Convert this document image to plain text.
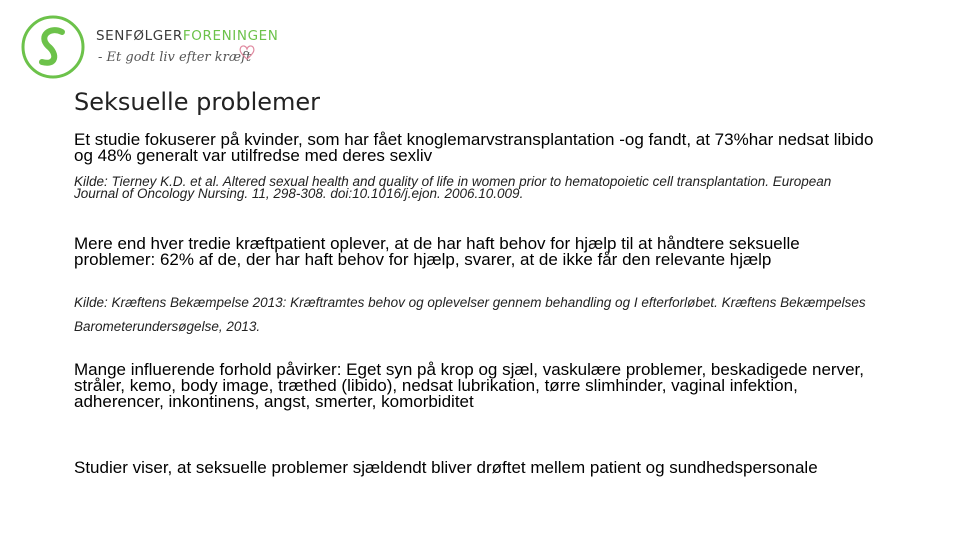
SENFØLGERFORENINGEN
- Et godt liv efter kræft
Seksuelle problemer

Et studie fokuserer på kvinder, som har fået knoglemarvstransplantation -og fandt, at 73%har nedsat libido og 48% generalt var utilfredse med deres sexliv

Kilde: Tierney K.D. et al. Altered sexual health and quality of life in women prior to hematopoietic cell transplantation. European Journal of Oncology Nursing. 11, 298-308. doi:10.1016/j.ejon. 2006.10.009.

Mere end hver tredie kræftpatient oplever, at de har haft behov for hjælp til at håndtere seksuelle problemer: 62% af de, der har haft behov for hjælp, svarer, at de ikke får den relevante hjælp

Kilde: Kræftens Bekæmpelse 2013: Kræftramtes behov og oplevelser gennem behandling og I efterforløbet. Kræftens Bekæmpelses Barometerundersøgelse, 2013.

Mange influerende forhold påvirker: Eget syn på krop og sjæl, vaskulære problemer, beskadigede nerver, stråler, kemo, body image, træthed (libido), nedsat lubrikation, tørre slimhinder, vaginal infektion, adherencer, inkontinens, angst, smerter, komorbiditet

Studier viser, at seksuelle problemer sjældendt bliver drøftet mellem patient og sundhedspersonale
